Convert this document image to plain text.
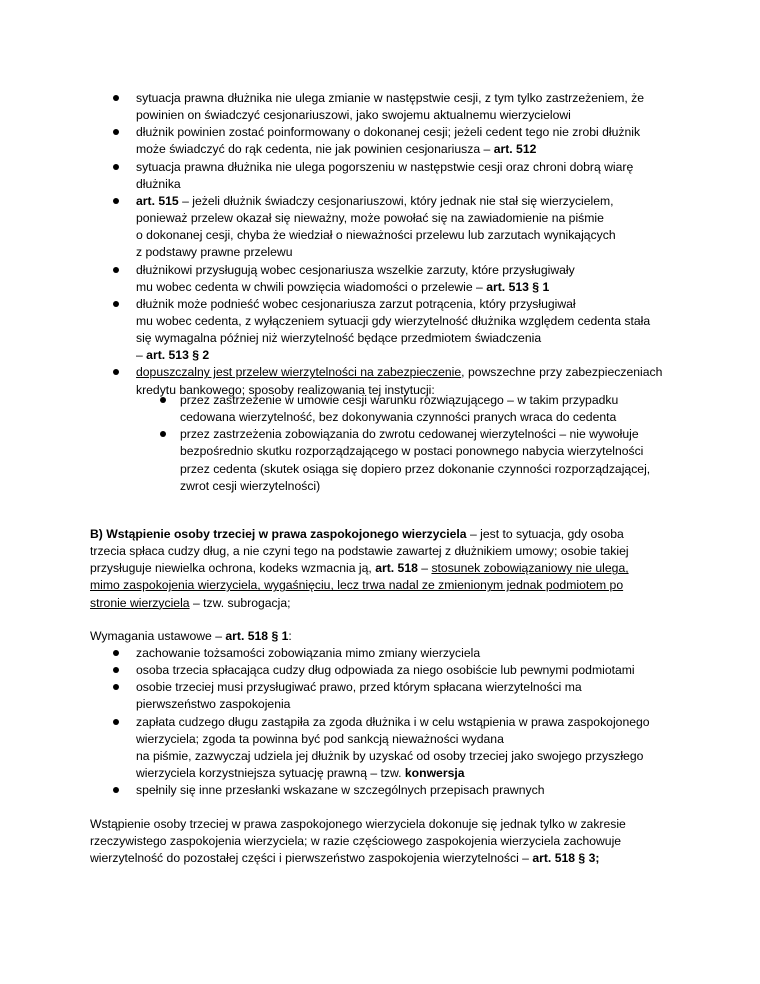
sytuacja prawna dłużnika nie ulega zmianie w następstwie cesji, z tym tylko zastrzeżeniem, że
powinien on świadczyć cesjonariuszowi, jako swojemu aktualnemu wierzycielowi
dłużnik powinien zostać poinformowany o dokonanej cesji; jeżeli cedent tego nie zrobi dłużnik
może świadczyć do rąk cedenta, nie jak powinien cesjonariusza – art. 512
sytuacja prawna dłużnika nie ulega pogorszeniu w następstwie cesji oraz chroni dobrą wiarę
dłużnika
art. 515 – jeżeli dłużnik świadczy cesjonariuszowi, który jednak nie stał się wierzycielem,
ponieważ przelew okazał się nieważny, może powołać się na zawiadomienie na piśmie
o dokonanej cesji, chyba że wiedział o nieważności przelewu lub zarzutach wynikających
z podstawy prawne przelewu
dłużnikowi przysługują wobec cesjonariusza wszelkie zarzuty, które przysługiwały
mu wobec cedenta w chwili powzięcia wiadomości o przelewie – art. 513 § 1
dłużnik może podnieść wobec cesjonariusza zarzut potrącenia, który przysługiwał
mu wobec cedenta, z wyłączeniem sytuacji gdy wierzytelność dłużnika względem cedenta stała
się wymagalna później niż wierzytelność będące przedmiotem świadczenia
– art. 513 § 2
dopuszczalny jest przelew wierzytelności na zabezpieczenie, powszechne przy zabezpieczeniach
kredytu bankowego; sposoby realizowania tej instytucji:
przez zastrzeżenie w umowie cesji warunku rozwiązującego – w takim przypadku
cedowana wierzytelność, bez dokonywania czynności pranych wraca do cedenta
przez zastrzeżenia zobowiązania do zwrotu cedowanej wierzytelności – nie wywołuje
bezpośrednio skutku rozporządzającego w postaci ponownego nabycia wierzytelności
przez cedenta (skutek osiąga się dopiero przez dokonanie czynności rozporządzającej,
zwrot cesji wierzytelności)
B) Wstąpienie osoby trzeciej w prawa zaspokojonego wierzyciela – jest to sytuacja, gdy osoba
trzecia spłaca cudzy dług, a nie czyni tego na podstawie zawartej z dłużnikiem umowy; osobie takiej
przysługuje niewielka ochrona, kodeks wzmacnia ją, art. 518 – stosunek zobowiązaniowy nie ulega,
mimo zaspokojenia wierzyciela, wygaśnięciu, lecz trwa nadal ze zmienionym jednak podmiotem po
stronie wierzyciela – tzw. subrogacja;
Wymagania ustawowe – art. 518 § 1:
zachowanie tożsamości zobowiązania mimo zmiany wierzyciela
osoba trzecia spłacająca cudzy dług odpowiada za niego osobiście lub pewnymi podmiotami
osobie trzeciej musi przysługiwać prawo, przed którym spłacana wierzytelności ma
pierwszeństwo zaspokojenia
zapłata cudzego długu zastąpiła za zgoda dłużnika i w celu wstąpienia w prawa zaspokojonego
wierzyciela; zgoda ta powinna być pod sankcją nieważności wydana
na piśmie, zazwyczaj udziela jej dłużnik by uzyskać od osoby trzeciej jako swojego przyszłego
wierzyciela korzystniejsza sytuację prawną – tzw. konwersja
spełnily się inne przesłanki wskazane w szczególnych przepisach prawnych
Wstąpienie osoby trzeciej w prawa zaspokojonego wierzyciela dokonuje się jednak tylko w zakresie
rzeczywistego zaspokojenia wierzyciela; w razie częściowego zaspokojenia wierzyciela zachowuje
wierzytelność do pozostałej części i pierwszeństwo zaspokojenia wierzytelności – art. 518 § 3;
